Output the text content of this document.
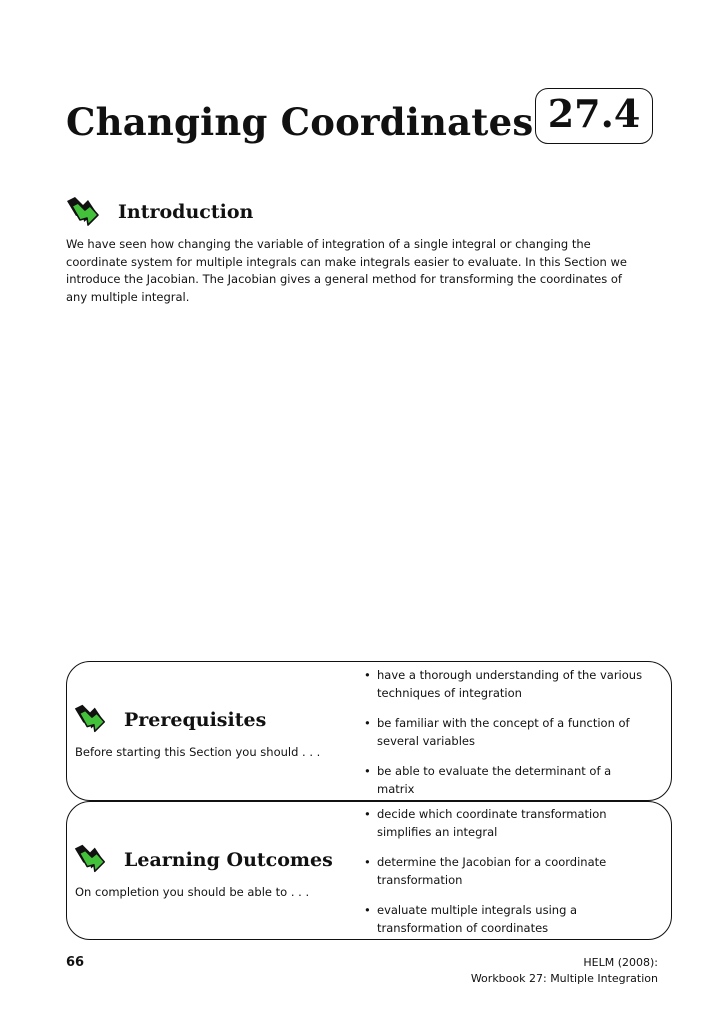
Changing Coordinates 27.4
Introduction
We have seen how changing the variable of integration of a single integral or changing the
coordinate system for multiple integrals can make integrals easier to evaluate. In this Section we
introduce the Jacobian. The Jacobian gives a general method for transforming the coordinates of
any multiple integral.
Prerequisites
Before starting this Section you should . . .
• have a thorough understanding of the various
techniques of integration
• be familiar with the concept of a function of
several variables
• be able to evaluate the determinant of a
matrix
Learning Outcomes
On completion you should be able to . . .
• decide which coordinate transformation
simplifies an integral
• determine the Jacobian for a coordinate
transformation
• evaluate multiple integrals using a
transformation of coordinates
66	HELM (2008):
Workbook 27: Multiple Integration
